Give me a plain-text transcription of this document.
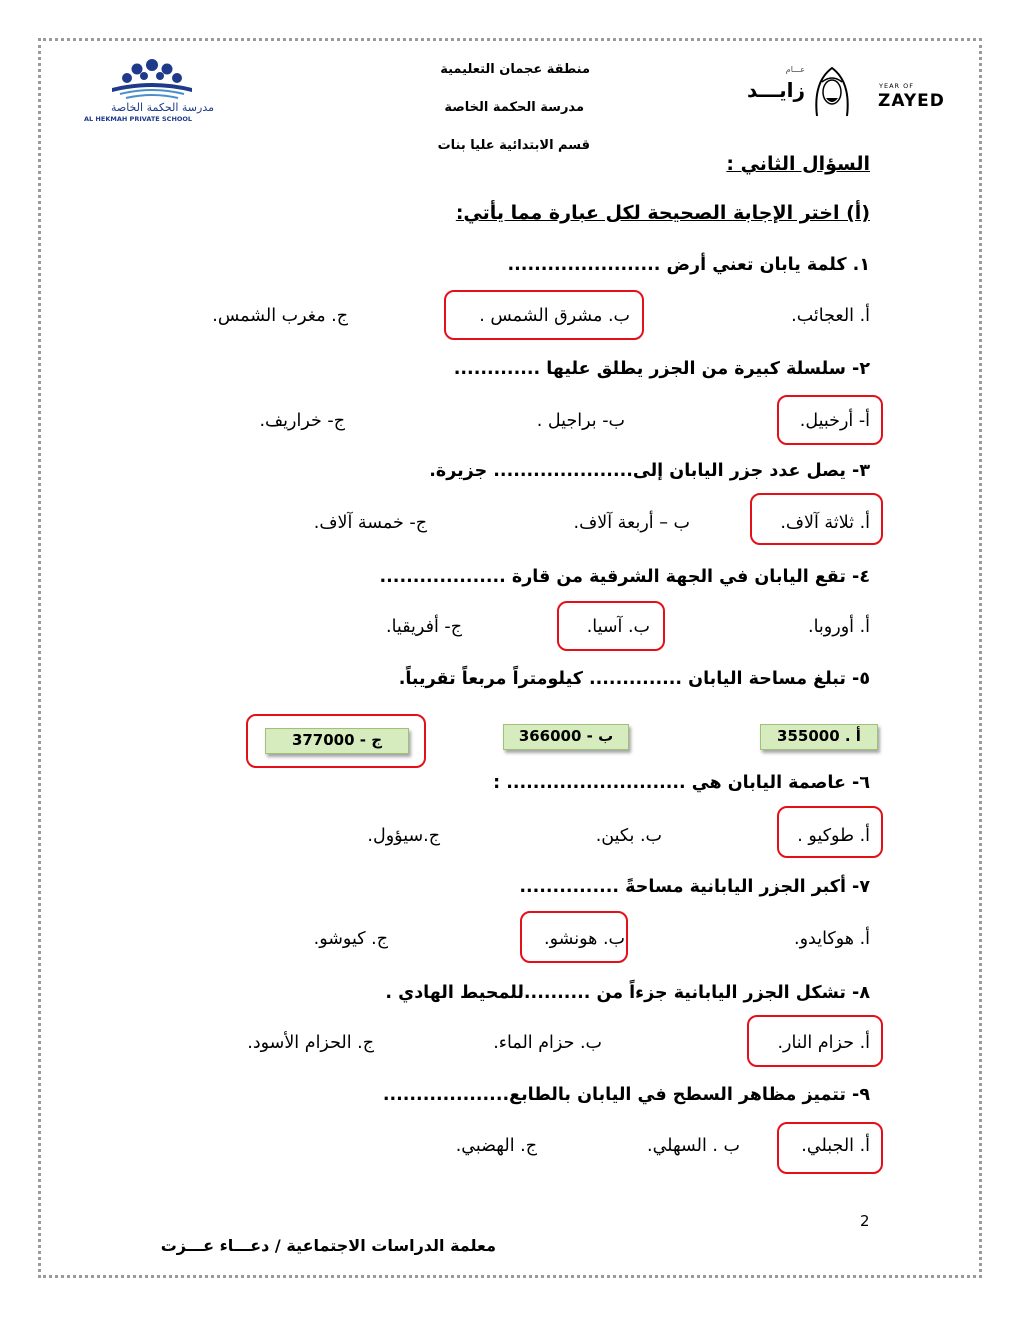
مدرسة الحكمة الخاصة
AL HEKMAH PRIVATE SCHOOL
منطقة عجمان التعليمية
مدرسة الحكمة الخاصة
قسم الابتدائية عليا بنات
عـــام
زايـــد	YEAR OF
ZAYED
السؤال الثاني :
(أ) اختر الإجابة الصحيحة لكل عبارة مما يأتي:
١. كلمة يابان تعني أرض .......................
أ. العجائب.
ب. مشرق الشمس .
ج. مغرب الشمس.
٢- سلسلة كبيرة من الجزر يطلق عليها .............
أ- أرخبيل.
ب- براجيل .
ج- خراريف.
٣- يصل عدد جزر اليابان إلى..................... جزيرة.
أ. ثلاثة آلاف.
ب – أربعة آلاف.
ج- خمسة آلاف.
٤- تقع اليابان في الجهة الشرقية من قارة ...................
أ. أوروبا.
ب. آسيا.
ج- أفريقيا.
٥- تبلغ مساحة اليابان .............. كيلومتراً مربعاً تقريباً.
أ . 355000
ب - 366000
ج - 377000
٦- عاصمة اليابان هي ........................... :
أ. طوكيو .
ب. بكين.
ج.سيؤول.
٧- أكبر الجزر اليابانية مساحةً ...............
أ. هوكايدو.
ب. هونشو.
ج. كيوشو.
٨- تشكل الجزر اليابانية جزءاً من ..........للمحيط الهادي .
أ. حزام النار.
ب. حزام الماء.
ج. الحزام الأسود.
٩- تتميز مظاهر السطح في اليابان بالطابع...................
أ. الجبلي.
ب . السهلي.
ج. الهضبي.
2
معلمة الدراسات الاجتماعية / دعـــاء عـــزت
